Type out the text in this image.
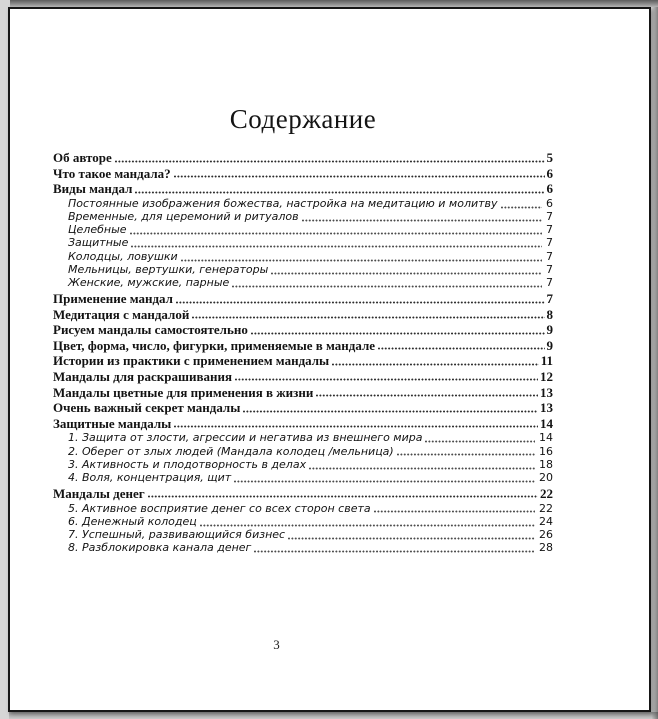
Содержание
Об авторе	5
Что такое мандала?	6
Виды мандал	6
Постоянные изображения божества, настройка на медитацию и молитву	6
Временные, для церемоний и ритуалов	7
Целебные	7
Защитные	7
Колодцы, ловушки	7
Мельницы, вертушки, генераторы	7
Женские, мужские, парные	7
Применение мандал	7
Медитация с мандалой	8
Рисуем мандалы самостоятельно	9
Цвет, форма, число, фигурки, применяемые в мандале	9
Истории из практики с применением мандалы	11
Мандалы для раскрашивания	12
Мандалы цветные для применения в жизни	13
Очень важный секрет мандалы	13
Защитные мандалы	14
1. Защита от злости, агрессии и негатива из внешнего мира	14
2. Оберег от злых людей (Мандала колодец /мельница)	16
3. Активность и плодотворность в делах	18
4. Воля, концентрация, щит	20
Мандалы денег	22
5. Активное восприятие денег со всех сторон света	22
6. Денежный колодец	24
7. Успешный, развивающийся бизнес	26
8. Разблокировка канала денег	28
3
